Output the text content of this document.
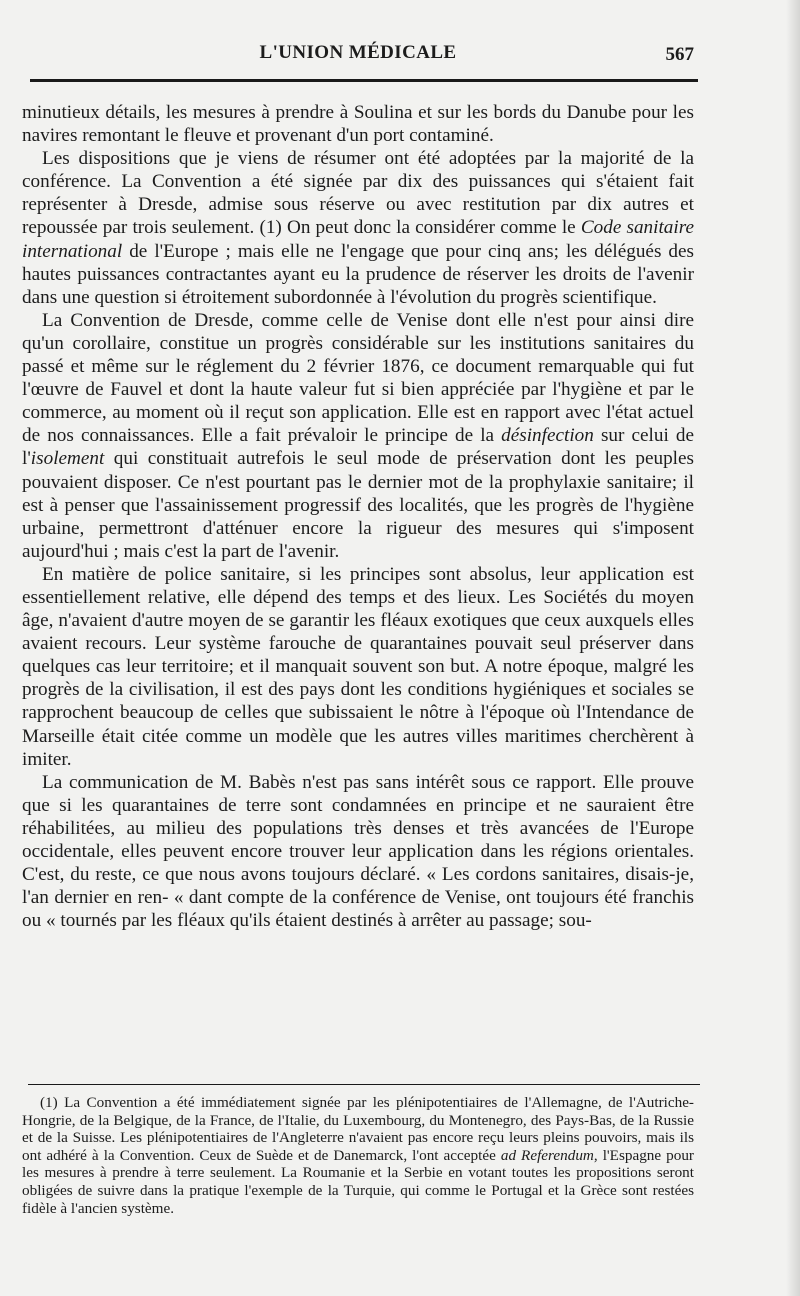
L'UNION MÉDICALE	567

minutieux détails, les mesures à prendre à Soulina et sur les bords du Danube pour les navires remontant le fleuve et provenant d'un port contaminé.

Les dispositions que je viens de résumer ont été adoptées par la majorité de la conférence. La Convention a été signée par dix des puissances qui s'étaient fait représenter à Dresde, admise sous réserve ou avec restitution par dix autres et repoussée par trois seulement. (1) On peut donc la considérer comme le Code sanitaire international de l'Europe ; mais elle ne l'engage que pour cinq ans; les délégués des hautes puissances contractantes ayant eu la prudence de réserver les droits de l'avenir dans une question si étroitement subordonnée à l'évolution du progrès scientifique.

La Convention de Dresde, comme celle de Venise dont elle n'est pour ainsi dire qu'un corollaire, constitue un progrès considérable sur les institutions sanitaires du passé et même sur le réglement du 2 février 1876, ce document remarquable qui fut l'œuvre de Fauvel et dont la haute valeur fut si bien appréciée par l'hygiène et par le commerce, au moment où il reçut son application. Elle est en rapport avec l'état actuel de nos connaissances. Elle a fait prévaloir le principe de la désinfection sur celui de l'isolement qui constituait autrefois le seul mode de préservation dont les peuples pouvaient disposer. Ce n'est pourtant pas le dernier mot de la prophylaxie sanitaire; il est à penser que l'assainissement progressif des localités, que les progrès de l'hygiène urbaine, permettront d'atténuer encore la rigueur des mesures qui s'imposent aujourd'hui ; mais c'est la part de l'avenir.

En matière de police sanitaire, si les principes sont absolus, leur application est essentiellement relative, elle dépend des temps et des lieux. Les Sociétés du moyen âge, n'avaient d'autre moyen de se garantir les fléaux exotiques que ceux auxquels elles avaient recours. Leur système farouche de quarantaines pouvait seul préserver dans quelques cas leur territoire; et il manquait souvent son but. A notre époque, malgré les progrès de la civilisation, il est des pays dont les conditions hygiéniques et sociales se rapprochent beaucoup de celles que subissaient le nôtre à l'époque où l'Intendance de Marseille était citée comme un modèle que les autres villes maritimes cherchèrent à imiter.

La communication de M. Babès n'est pas sans intérêt sous ce rapport. Elle prouve que si les quarantaines de terre sont condamnées en principe et ne sauraient être réhabilitées, au milieu des populations très denses et très avancées de l'Europe occidentale, elles peuvent encore trouver leur application dans les régions orientales. C'est, du reste, ce que nous avons toujours déclaré. « Les cordons sanitaires, disais-je, l'an dernier en ren- « dant compte de la conférence de Venise, ont toujours été franchis ou « tournés par les fléaux qu'ils étaient destinés à arrêter au passage; sou-

(1) La Convention a été immédiatement signée par les plénipotentiaires de l'Allemagne, de l'Autriche-Hongrie, de la Belgique, de la France, de l'Italie, du Luxembourg, du Montenegro, des Pays-Bas, de la Russie et de la Suisse. Les plénipotentiaires de l'Angleterre n'avaient pas encore reçu leurs pleins pouvoirs, mais ils ont adhéré à la Convention. Ceux de Suède et de Danemarck, l'ont acceptée ad Referendum, l'Espagne pour les mesures à prendre à terre seulement. La Roumanie et la Serbie en votant toutes les propositions seront obligées de suivre dans la pratique l'exemple de la Turquie, qui comme le Portugal et la Grèce sont restées fidèle à l'ancien système.
